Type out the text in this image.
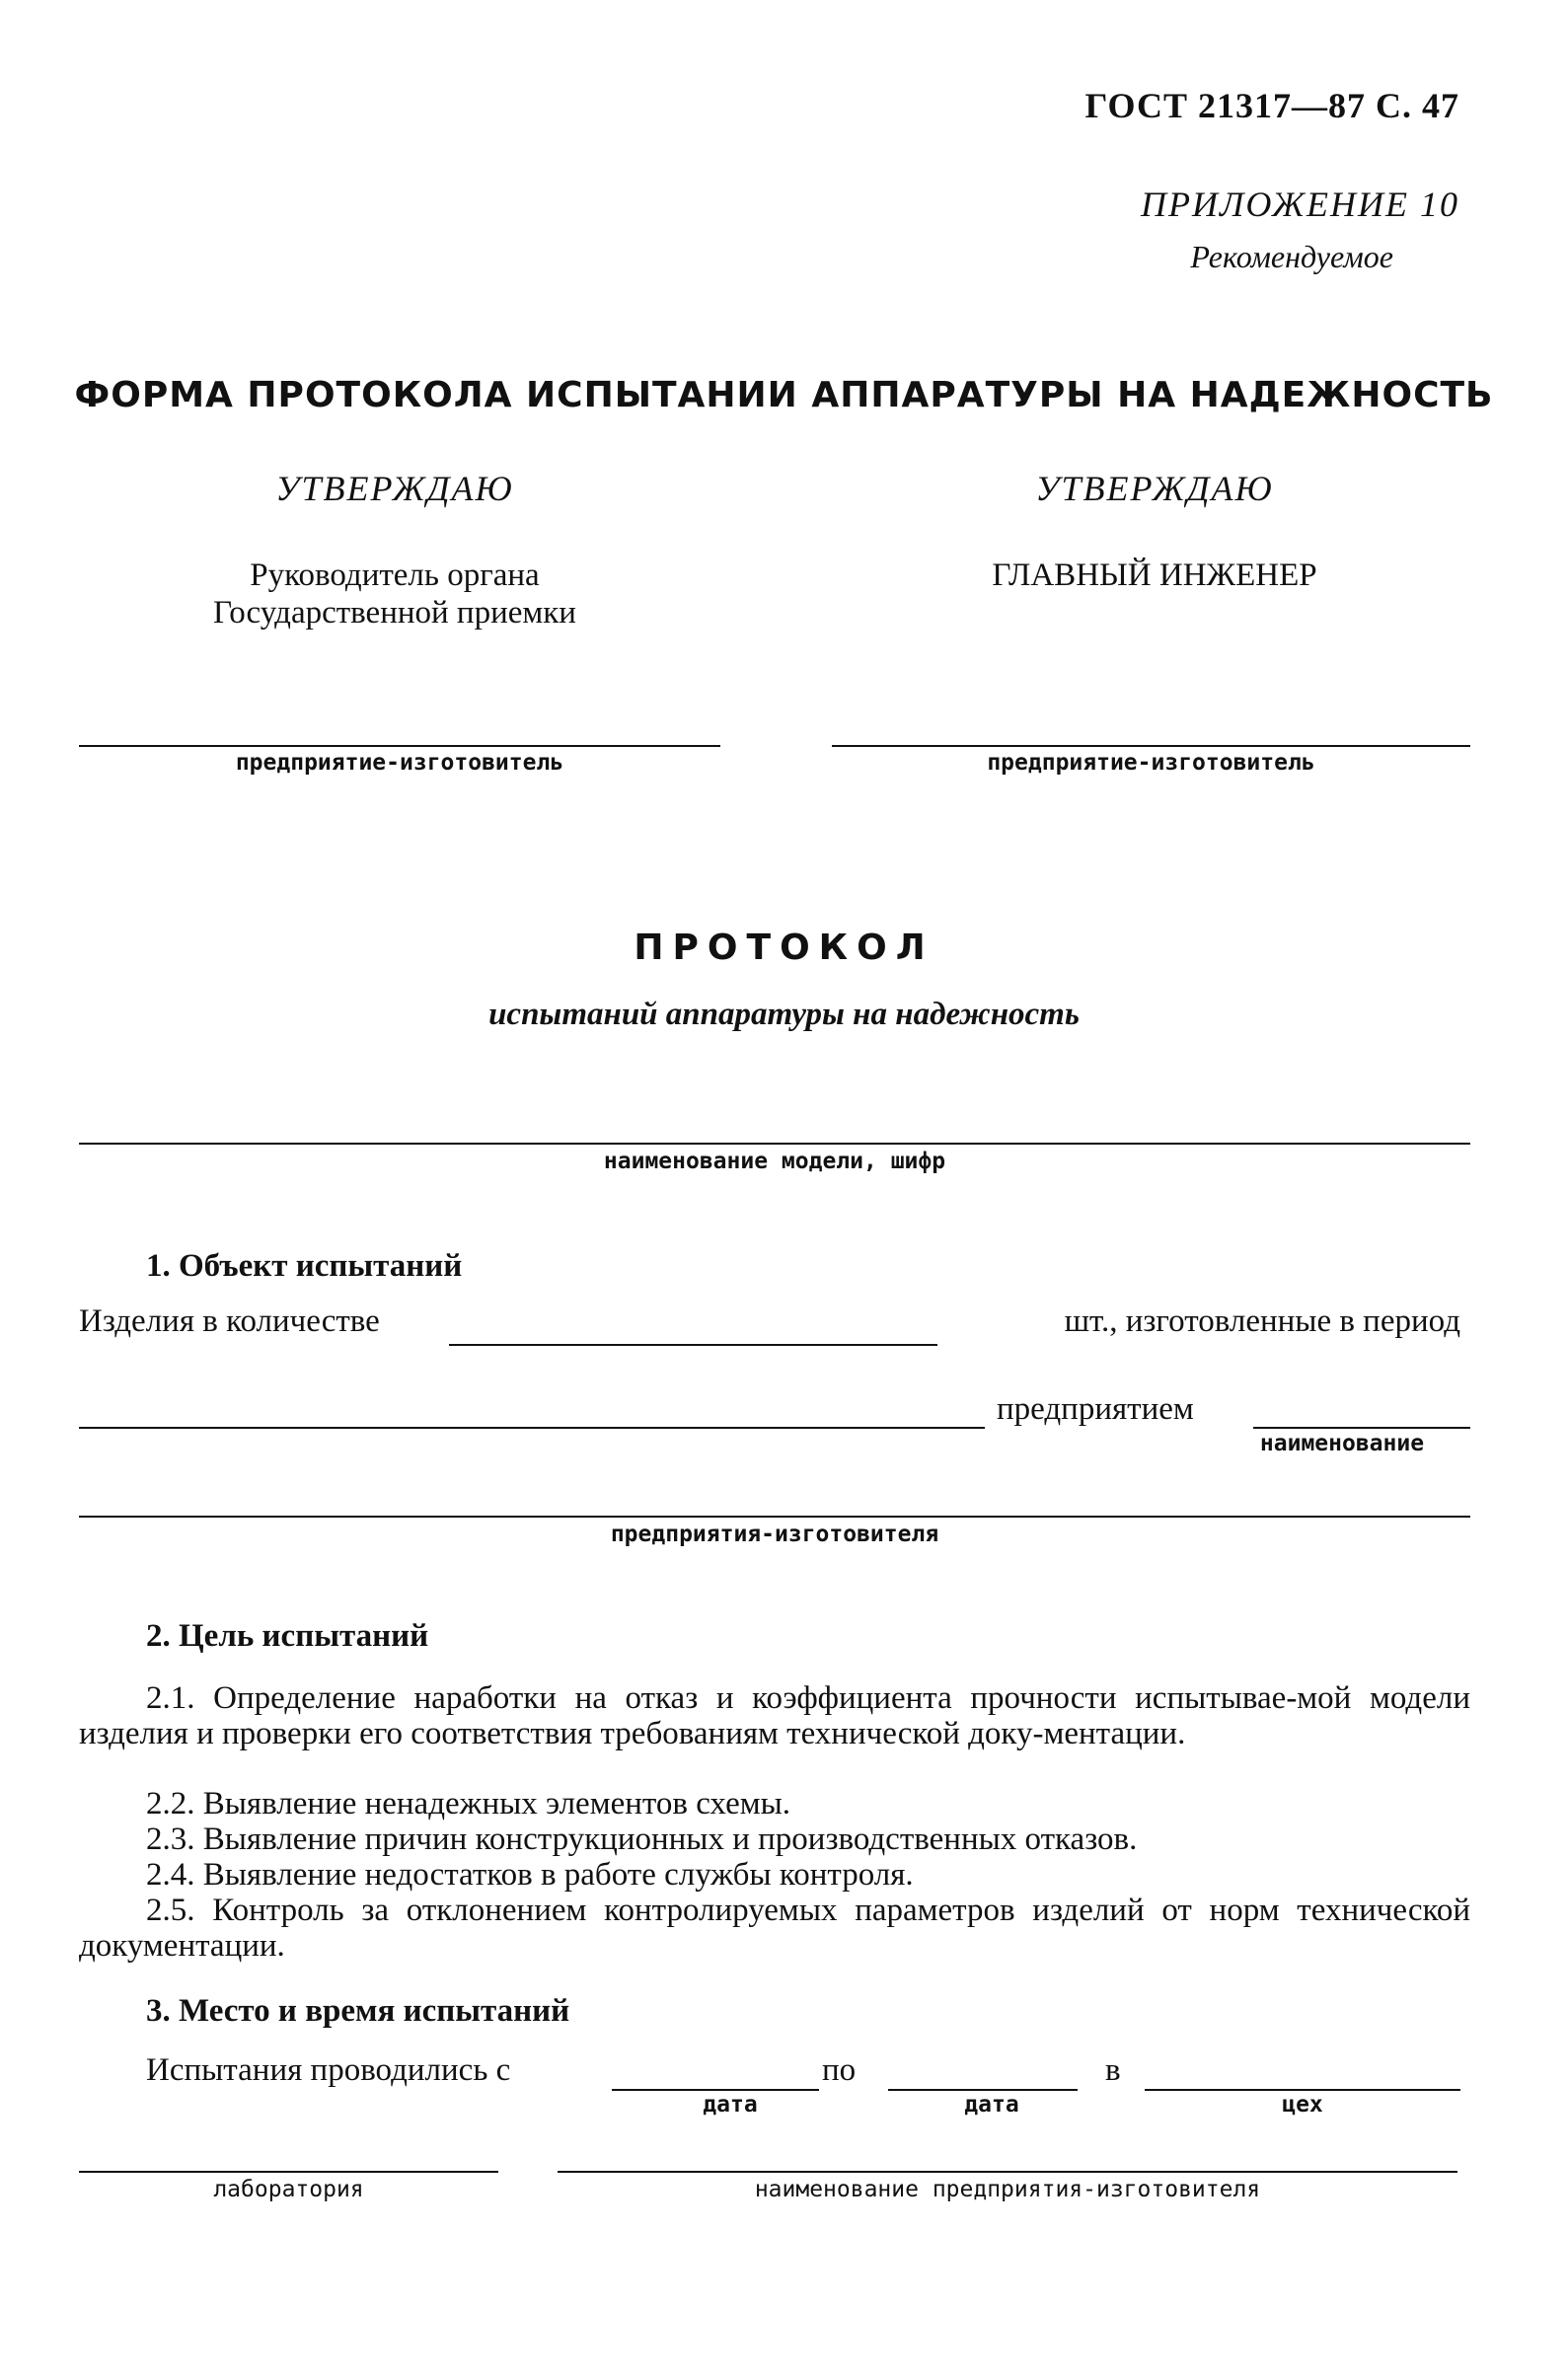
ГОСТ 21317—87 С. 47
ПРИЛОЖЕНИЕ 10
Рекомендуемое
ФОРМА ПРОТОКОЛА ИСПЫТАНИИ АППАРАТУРЫ НА НАДЕЖНОСТЬ
УТВЕРЖДАЮ	УТВЕРЖДАЮ
Руководитель органа
Государственной приемки
ГЛАВНЫЙ ИНЖЕНЕР
предприятие-изготовитель	предприятие-изготовитель
ПРОТОКОЛ
испытаний аппаратуры на надежность
наименование модели, шифр
1. Объект испытаний
Изделия в количестве	шт., изготовленные в период
предприятием
наименование
предприятия-изготовителя
2. Цель испытаний
2.1. Определение наработки на отказ и коэффициента прочности испытывае-мой модели изделия и проверки его соответствия требованиям технической доку-ментации.
2.2. Выявление ненадежных элементов схемы.
2.3. Выявление причин конструкционных и производственных отказов.
2.4. Выявление недостатков в работе службы контроля.
2.5. Контроль за отклонением контролируемых параметров изделий от норм технической документации.
3. Место и время испытаний
Испытания проводились с	по	в
дата	дата	цех
лаборатория	наименование предприятия-изготовителя
